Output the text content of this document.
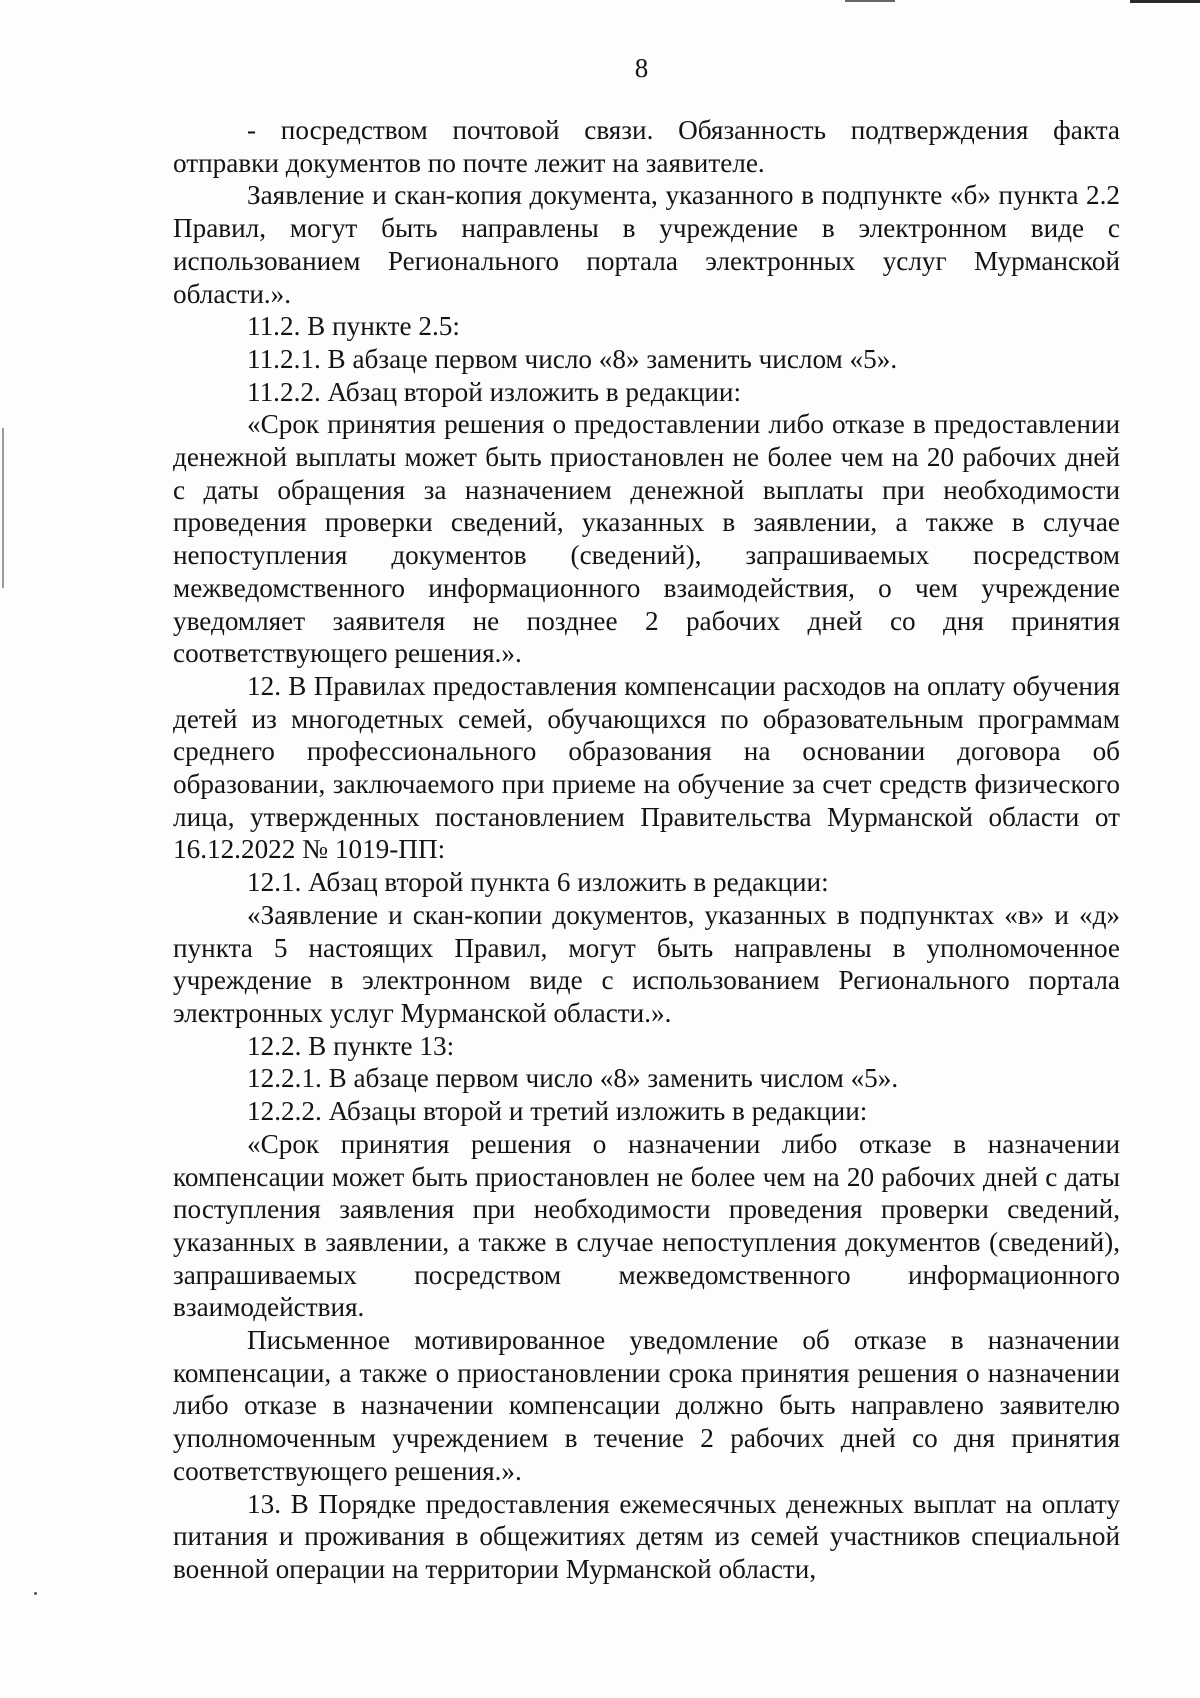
8

- посредством почтовой связи. Обязанность подтверждения факта отправки документов по почте лежит на заявителе.

Заявление и скан-копия документа, указанного в подпункте «б» пункта 2.2 Правил, могут быть направлены в учреждение в электронном виде с использованием Регионального портала электронных услуг Мурманской области.».

11.2. В пункте 2.5:

11.2.1. В абзаце первом число «8» заменить числом «5».

11.2.2. Абзац второй изложить в редакции:

«Срок принятия решения о предоставлении либо отказе в предоставлении денежной выплаты может быть приостановлен не более чем на 20 рабочих дней с даты обращения за назначением денежной выплаты при необходимости проведения проверки сведений, указанных в заявлении, а также в случае непоступления документов (сведений), запрашиваемых посредством межведомственного информационного взаимодействия, о чем учреждение уведомляет заявителя не позднее 2 рабочих дней со дня принятия соответствующего решения.».

12. В Правилах предоставления компенсации расходов на оплату обучения детей из многодетных семей, обучающихся по образовательным программам среднего профессионального образования на основании договора об образовании, заключаемого при приеме на обучение за счет средств физического лица, утвержденных постановлением Правительства Мурманской области от 16.12.2022 № 1019-ПП:

12.1. Абзац второй пункта 6 изложить в редакции:

«Заявление и скан-копии документов, указанных в подпунктах «в» и «д» пункта 5 настоящих Правил, могут быть направлены в уполномоченное учреждение в электронном виде с использованием Регионального портала электронных услуг Мурманской области.».

12.2. В пункте 13:

12.2.1. В абзаце первом число «8» заменить числом «5».

12.2.2. Абзацы второй и третий изложить в редакции:

«Срок принятия решения о назначении либо отказе в назначении компенсации может быть приостановлен не более чем на 20 рабочих дней с даты поступления заявления при необходимости проведения проверки сведений, указанных в заявлении, а также в случае непоступления документов (сведений), запрашиваемых посредством межведомственного информационного взаимодействия.

Письменное мотивированное уведомление об отказе в назначении компенсации, а также о приостановлении срока принятия решения о назначении либо отказе в назначении компенсации должно быть направлено заявителю уполномоченным учреждением в течение 2 рабочих дней со дня принятия соответствующего решения.».

13. В Порядке предоставления ежемесячных денежных выплат на оплату питания и проживания в общежитиях детям из семей участников специальной военной операции на территории Мурманской области,
